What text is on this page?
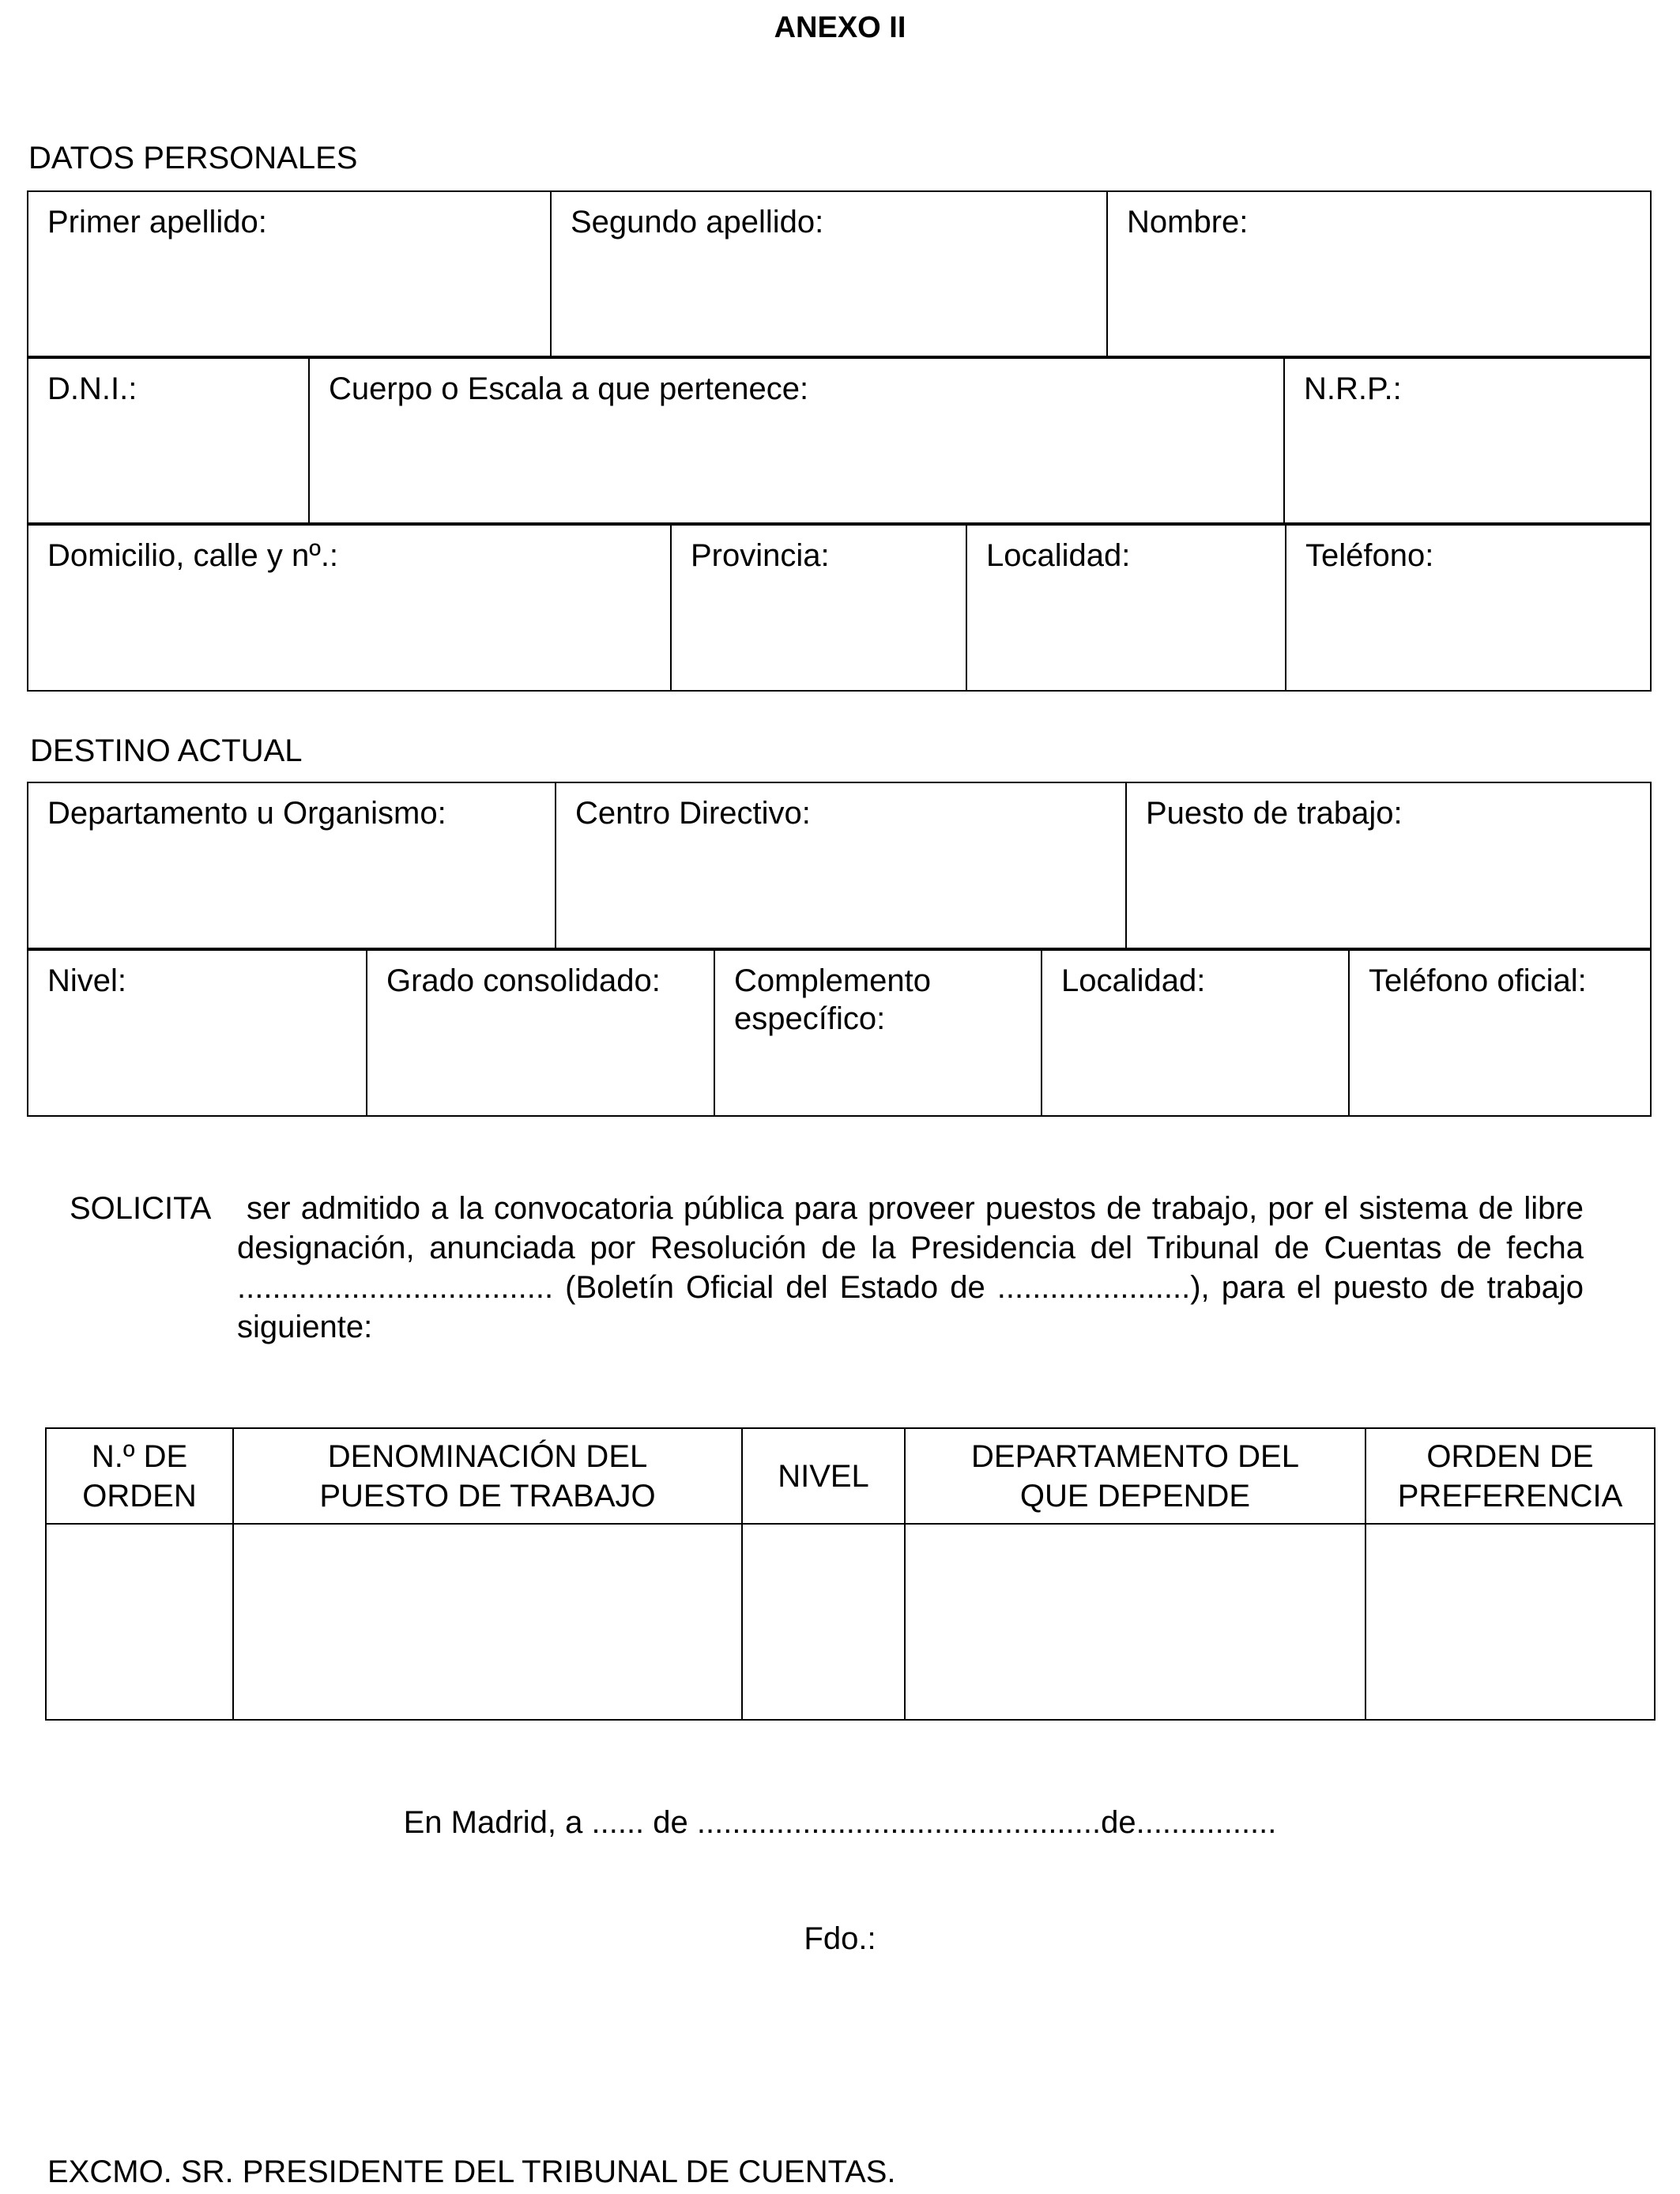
ANEXO II
DATOS PERSONALES
Primer apellido:	Segundo apellido:	Nombre:
D.N.I.:	Cuerpo o Escala a que pertenece:	N.R.P.:
Domicilio, calle y nº.:	Provincia:	Localidad:	Teléfono:
DESTINO ACTUAL
Departamento u Organismo:	Centro Directivo:	Puesto de trabajo:
Nivel:	Grado consolidado:	Complemento específico:	Localidad:	Teléfono oficial:
SOLICITA	ser admitido a la convocatoria pública para proveer puestos de trabajo, por el sistema de libre designación, anunciada por Resolución de la Presidencia del Tribunal de Cuentas de fecha .................................... (Boletín Oficial del Estado de ......................), para el puesto de trabajo siguiente:
N.º DE ORDEN	DENOMINACIÓN DEL PUESTO DE TRABAJO	NIVEL	DEPARTAMENTO DEL QUE DEPENDE	ORDEN DE PREFERENCIA

En Madrid, a ...... de ..............................................de................
Fdo.:
EXCMO. SR. PRESIDENTE DEL TRIBUNAL DE CUENTAS.
